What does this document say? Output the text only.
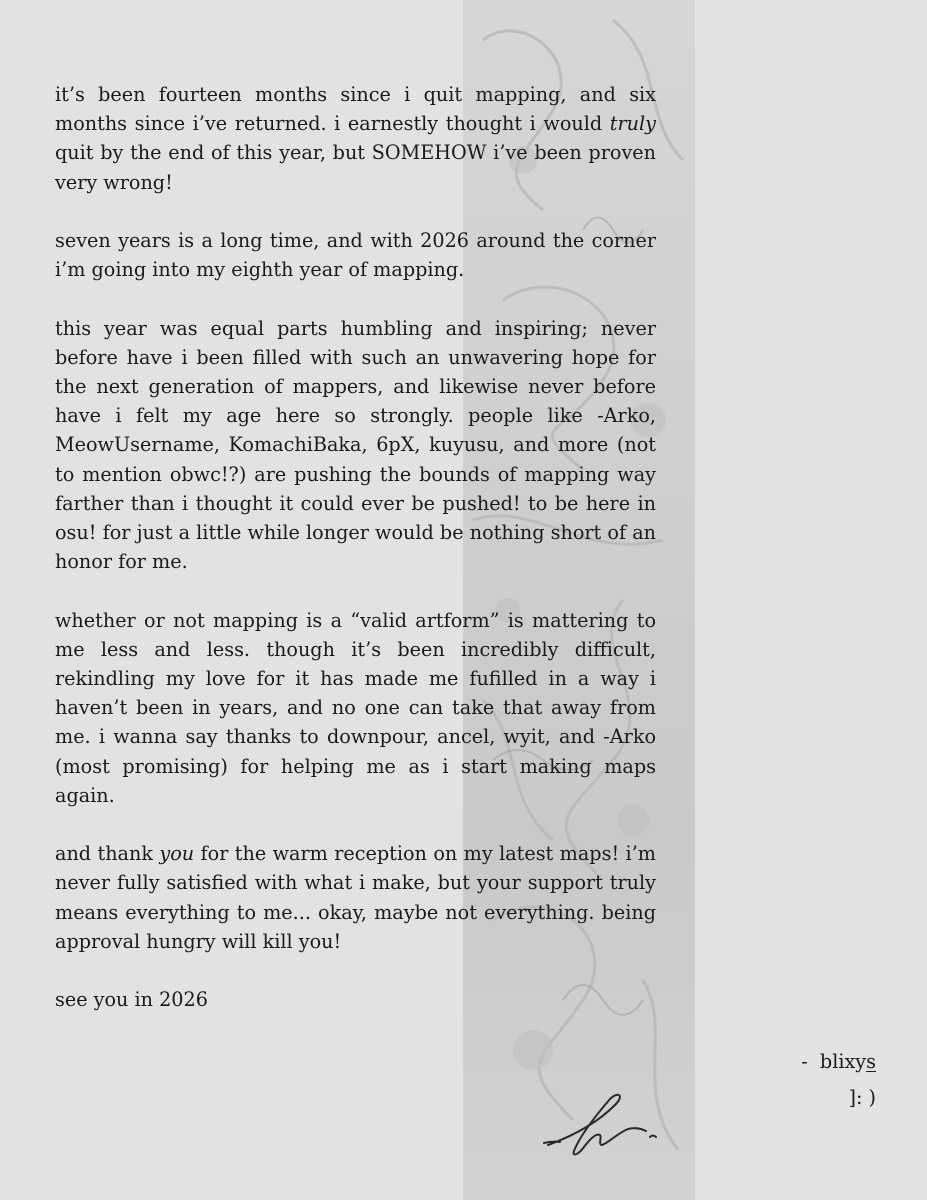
it’s been fourteen months since i quit mapping, and six months since i’ve returned. i earnestly thought i would truly quit by the end of this year, but SOMEHOW i’ve been proven very wrong!

seven years is a long time, and with 2026 around the corner i’m going into my eighth year of mapping.

this year was equal parts humbling and inspiring; never before have i been filled with such an unwavering hope for the next generation of mappers, and likewise never before have i felt my age here so strongly. people like -Arko, MeowUsername, KomachiBaka, 6pX, kuyusu, and more (not to mention obwc!?) are pushing the bounds of mapping way farther than i thought it could ever be pushed! to be here in osu! for just a little while longer would be nothing short of an honor for me.

whether or not mapping is a “valid artform” is mattering to me less and less. though it’s been incredibly difficult, rekindling my love for it has made me fufilled in a way i haven’t been in years, and no one can take that away from me. i wanna say thanks to downpour, ancel, wyit, and -Arko (most promising) for helping me as i start making maps again.

and thank you for the warm reception on my latest maps! i’m never fully satisfied with what i make, but your support truly means everything to me... okay, maybe not everything. being approval hungry will kill you!

see you in 2026

-  blixys
]: )
